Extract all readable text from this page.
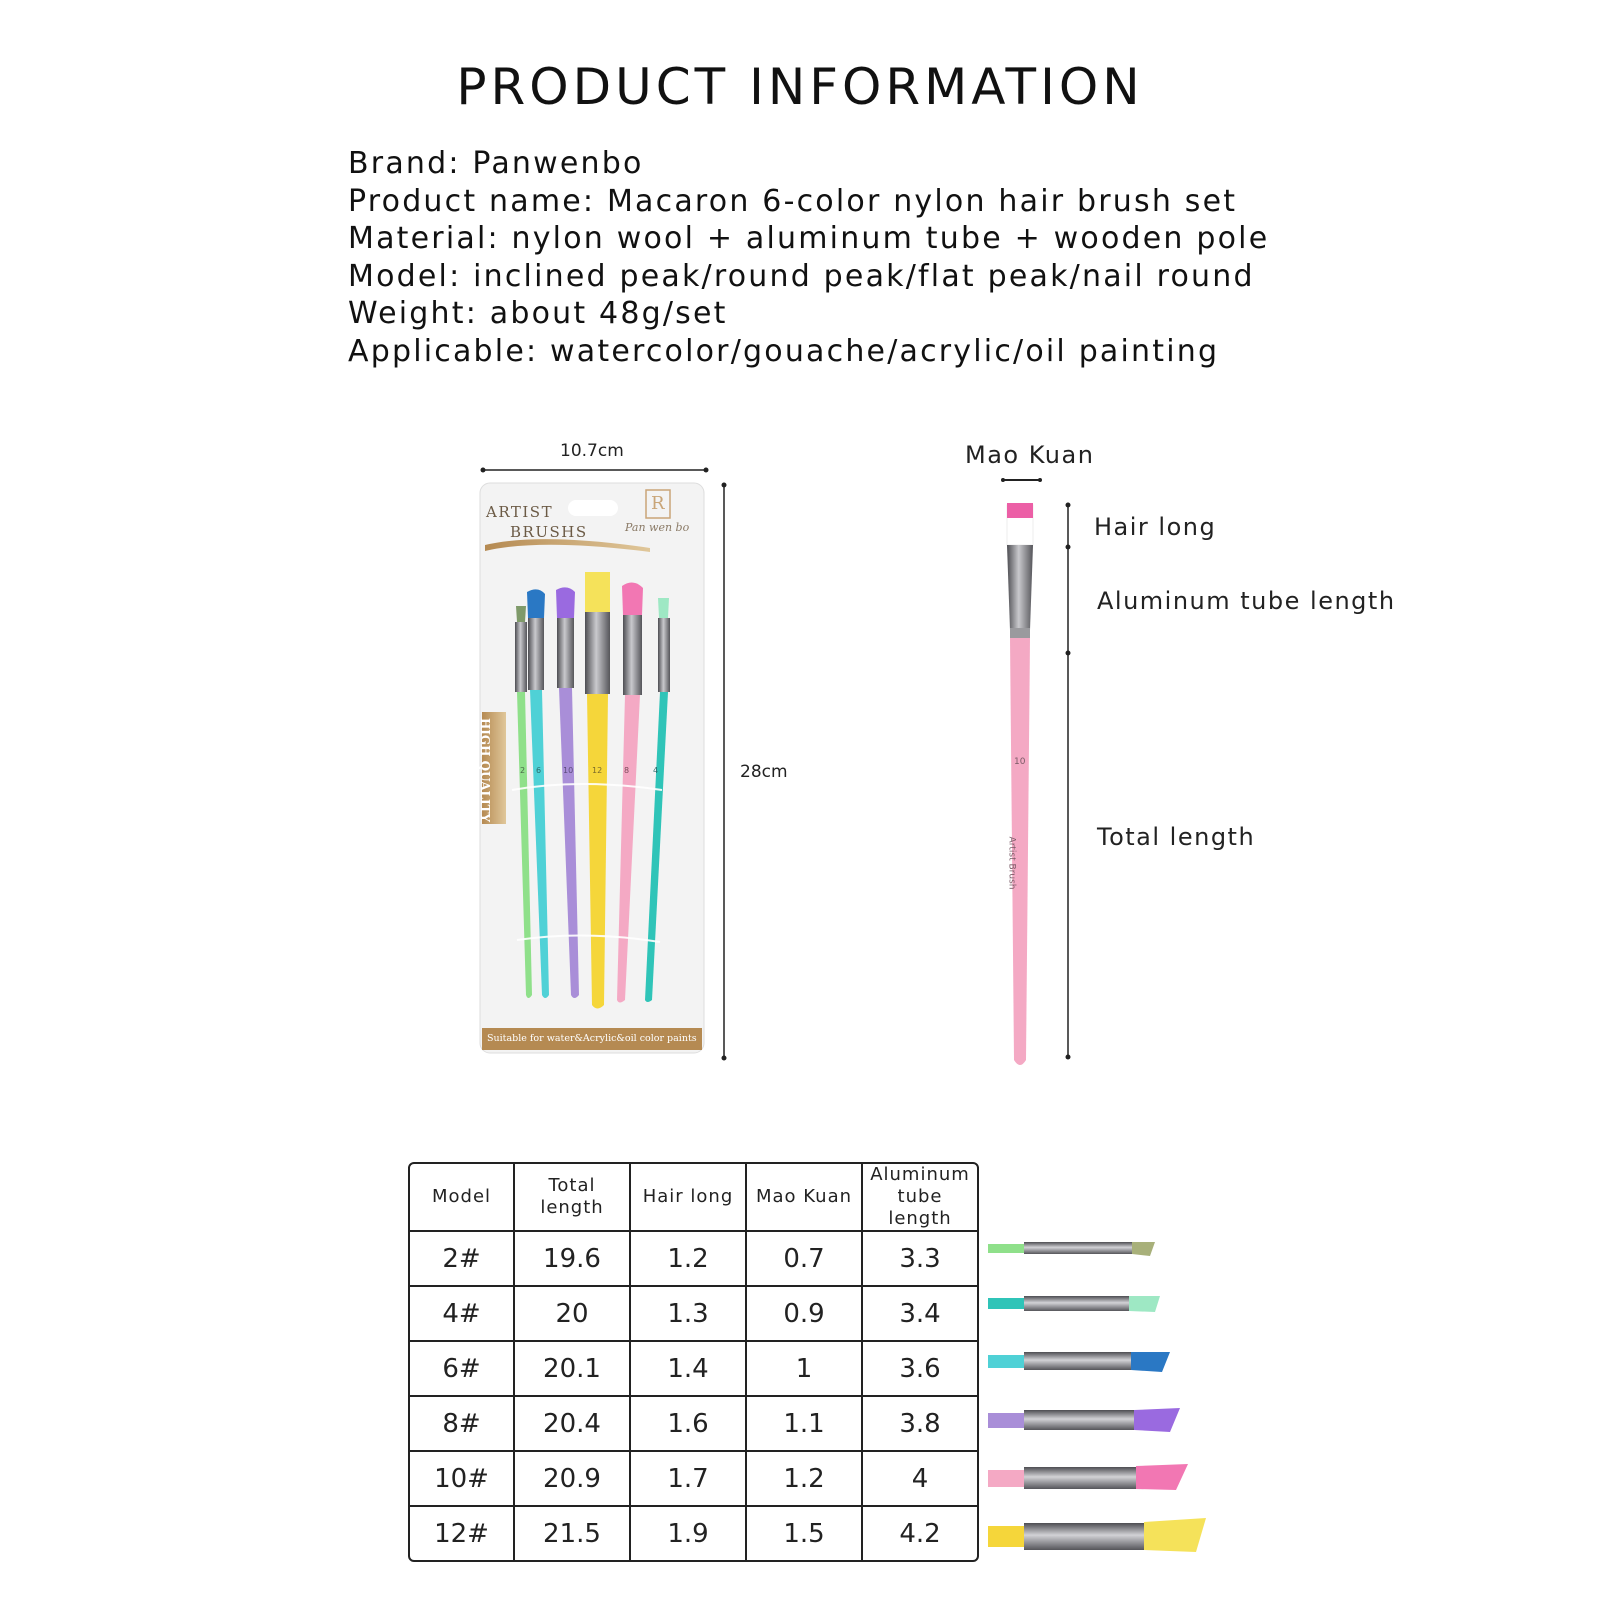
PRODUCT INFORMATION
Brand: Panwenbo
Product name: Macaron 6-color nylon hair brush set
Material: nylon wool + aluminum tube + wooden pole
Model: inclined peak/round peak/flat peak/nail round
Weight: about 48g/set
Applicable: watercolor/gouache/acrylic/oil painting
10.7cm
28cm
ARTIST
BRUSHS
R
Pan wen bo
HIGH QUALITY
Suitable for water&Acrylic&oil color paints
Mao Kuan
Hair long
Aluminum tube length
Total length
10
Artist Brush
Model	Total length	Hair long	Mao Kuan	Aluminum tube length
2#	19.6	1.2	0.7	3.3
4#	20	1.3	0.9	3.4
6#	20.1	1.4	1	3.6
8#	20.4	1.6	1.1	3.8
10#	20.9	1.7	1.2	4
12#	21.5	1.9	1.5	4.2
2 6	10 12	8	4
